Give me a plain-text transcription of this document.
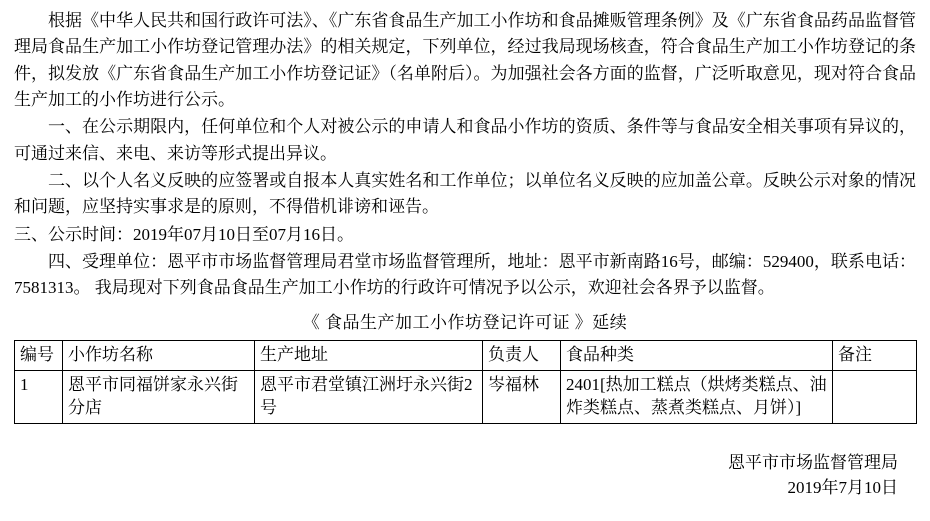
根据《中华人民共和国行政许可法》、《广东省食品生产加工小作坊和食品摊贩管理条例》及《广东省食品药品监督管理局食品生产加工小作坊登记管理办法》的相关规定，下列单位，经过我局现场核查，符合食品生产加工小作坊登记的条件，拟发放《广东省食品生产加工小作坊登记证》（名单附后）。为加强社会各方面的监督，广泛听取意见，现对符合食品生产加工的小作坊进行公示。

一、在公示期限内，任何单位和个人对被公示的申请人和食品小作坊的资质、条件等与食品安全相关事项有异议的，可通过来信、来电、来访等形式提出异议。

二、以个人名义反映的应签署或自报本人真实姓名和工作单位；以单位名义反映的应加盖公章。反映公示对象的情况和问题，应坚持实事求是的原则，不得借机诽谤和诬告。

三、公示时间：2019年07月10日至07月16日。

四、受理单位：恩平市市场监督管理局君堂市场监督管理所，地址：恩平市新南路16号，邮编：529400，联系电话：7581313。 我局现对下列食品食品生产加工小作坊的行政许可情况予以公示，欢迎社会各界予以监督。

《 食品生产加工小作坊登记许可证 》延续
编号	小作坊名称	生产地址	负责人	食品种类	备注
1	恩平市同福饼家永兴街分店	恩平市君堂镇江洲圩永兴街2号	岑福林	2401[热加工糕点（烘烤类糕点、油炸类糕点、蒸煮类糕点、月饼）]	
恩平市市场监督管理局
2019年7月10日
